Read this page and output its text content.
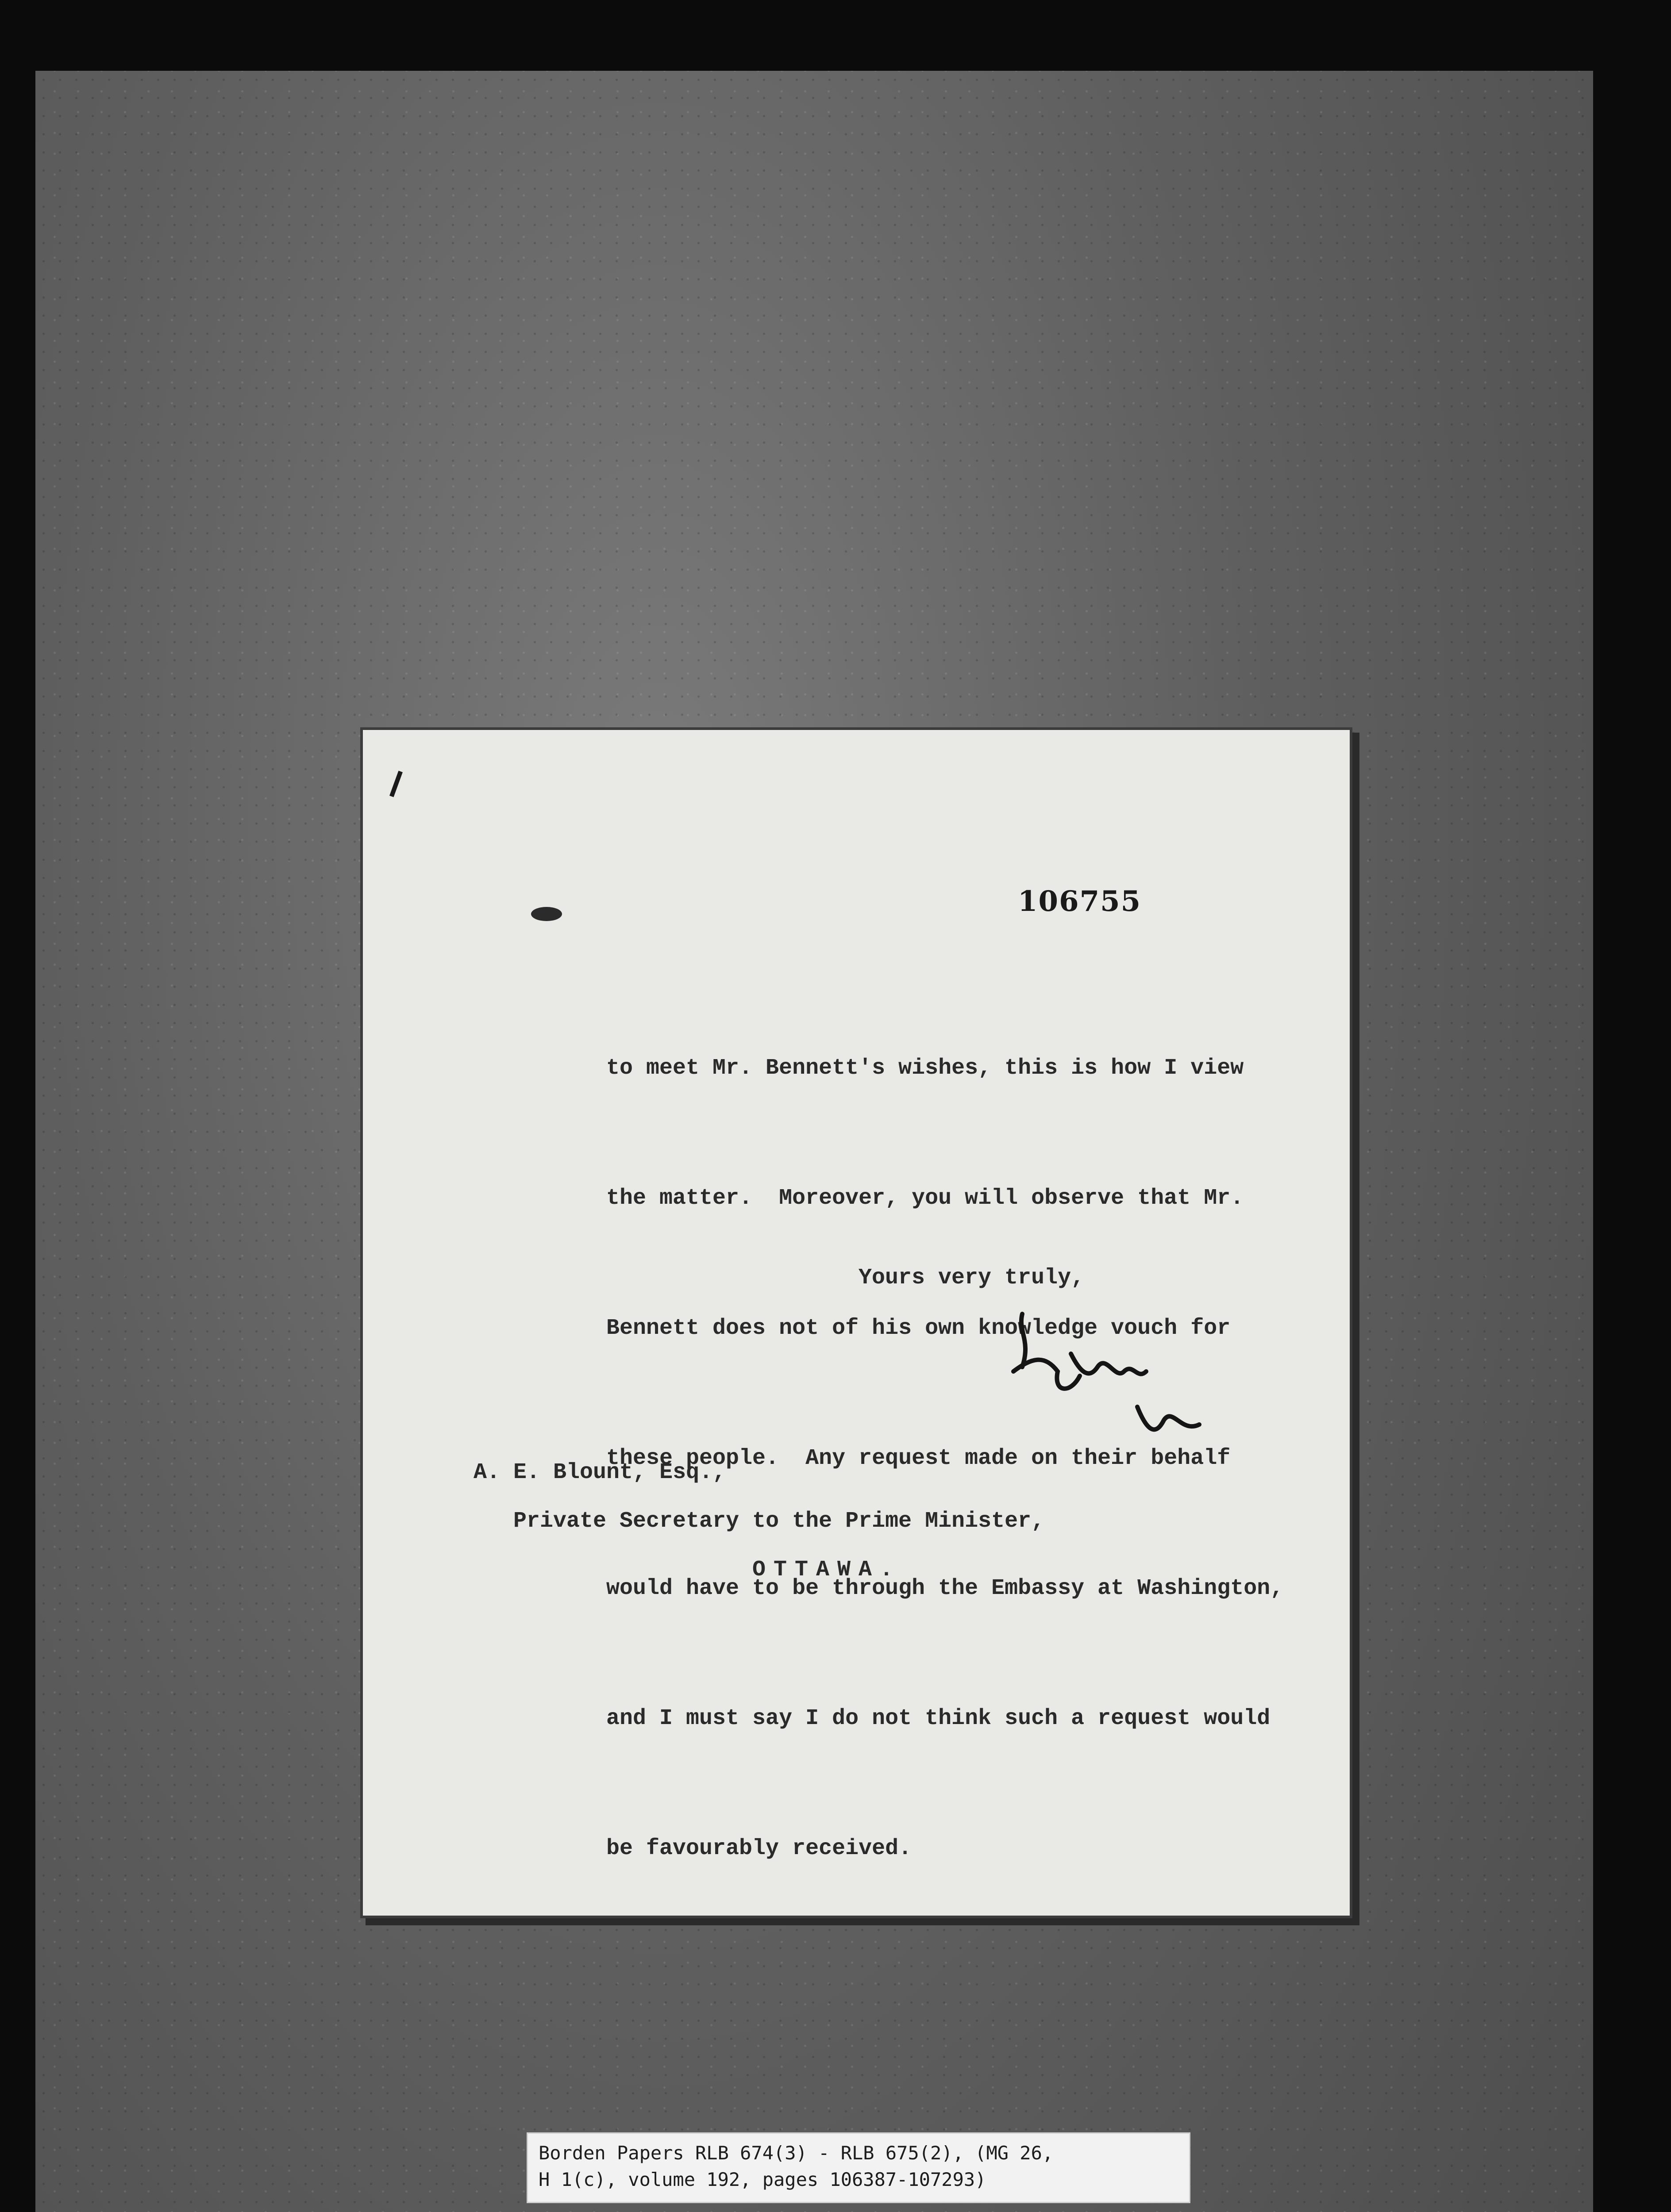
106755

to meet Mr. Bennett's wishes, this is how I view

the matter.  Moreover, you will observe that Mr.

Bennett does not of his own knowledge vouch for

these people.  Any request made on their behalf

would have to be through the Embassy at Washington,

and I must say I do not think such a request would

be favourably received.

Yours very truly,
A. E. Blount, Esq.,
Private Secretary to the Prime Minister,
OTTAWA.
Borden Papers RLB 674(3) - RLB 675(2), (MG 26,
H 1(c), volume 192, pages 106387-107293)
